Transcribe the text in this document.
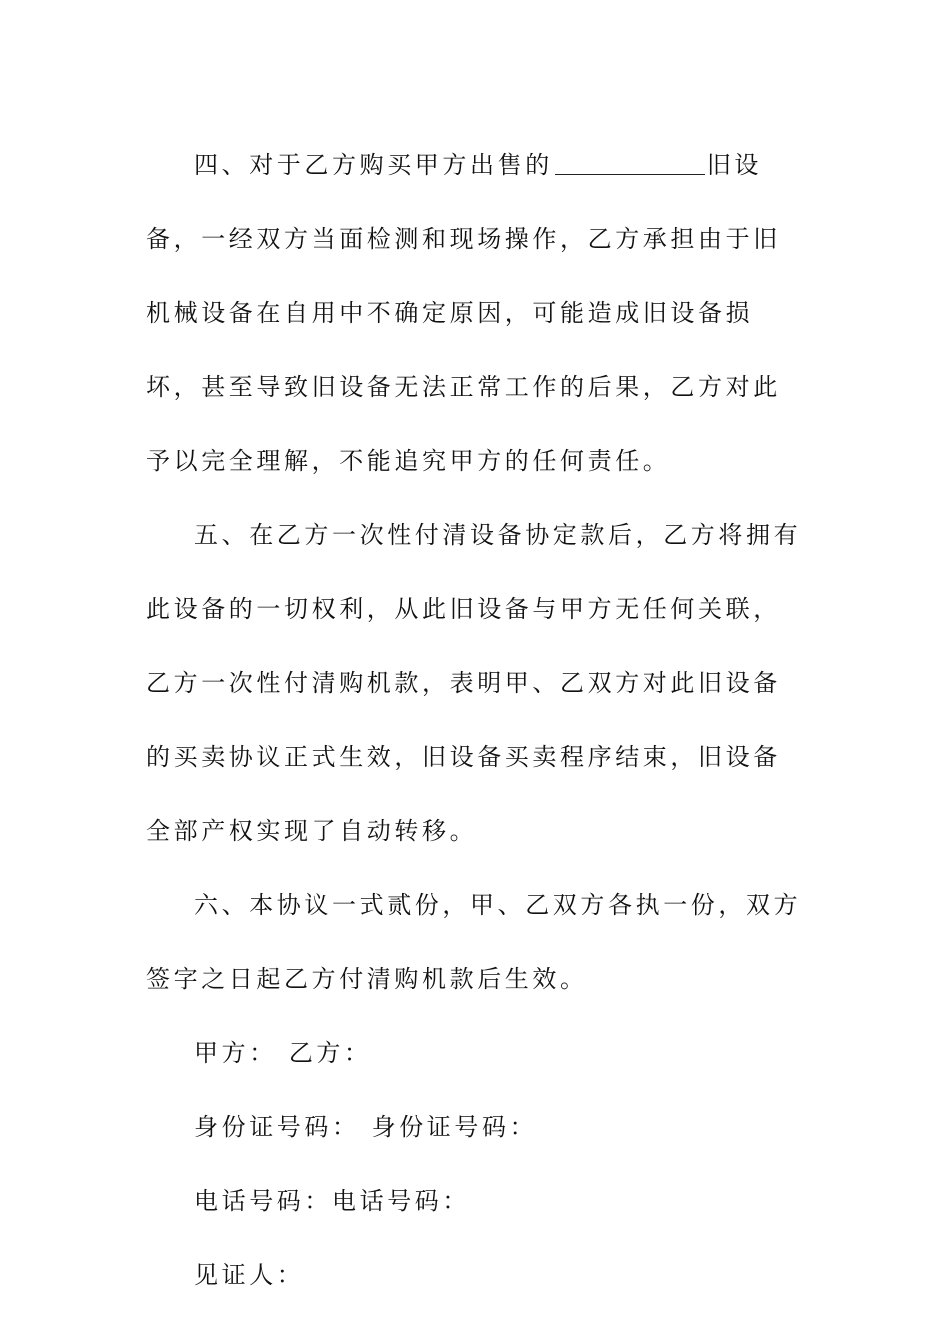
四、对于乙方购买甲方出售的	旧设备，一经双方当面检测和现场操作，乙方承担由于旧机械设备在自用中不确定原因，可能造成旧设备损坏，甚至导致旧设备无法正常工作的后果，乙方对此予以完全理解，不能追究甲方的任何责任。

五、在乙方一次性付清设备协定款后，乙方将拥有此设备的一切权利，从此旧设备与甲方无任何关联，乙方一次性付清购机款，表明甲、乙双方对此旧设备的买卖协议正式生效，旧设备买卖程序结束，旧设备全部产权实现了自动转移。

六、本协议一式贰份，甲、乙双方各执一份，双方签字之日起乙方付清购机款后生效。

甲方： 乙方：

身份证号码： 身份证号码：

电话号码：电话号码：

见证人：
